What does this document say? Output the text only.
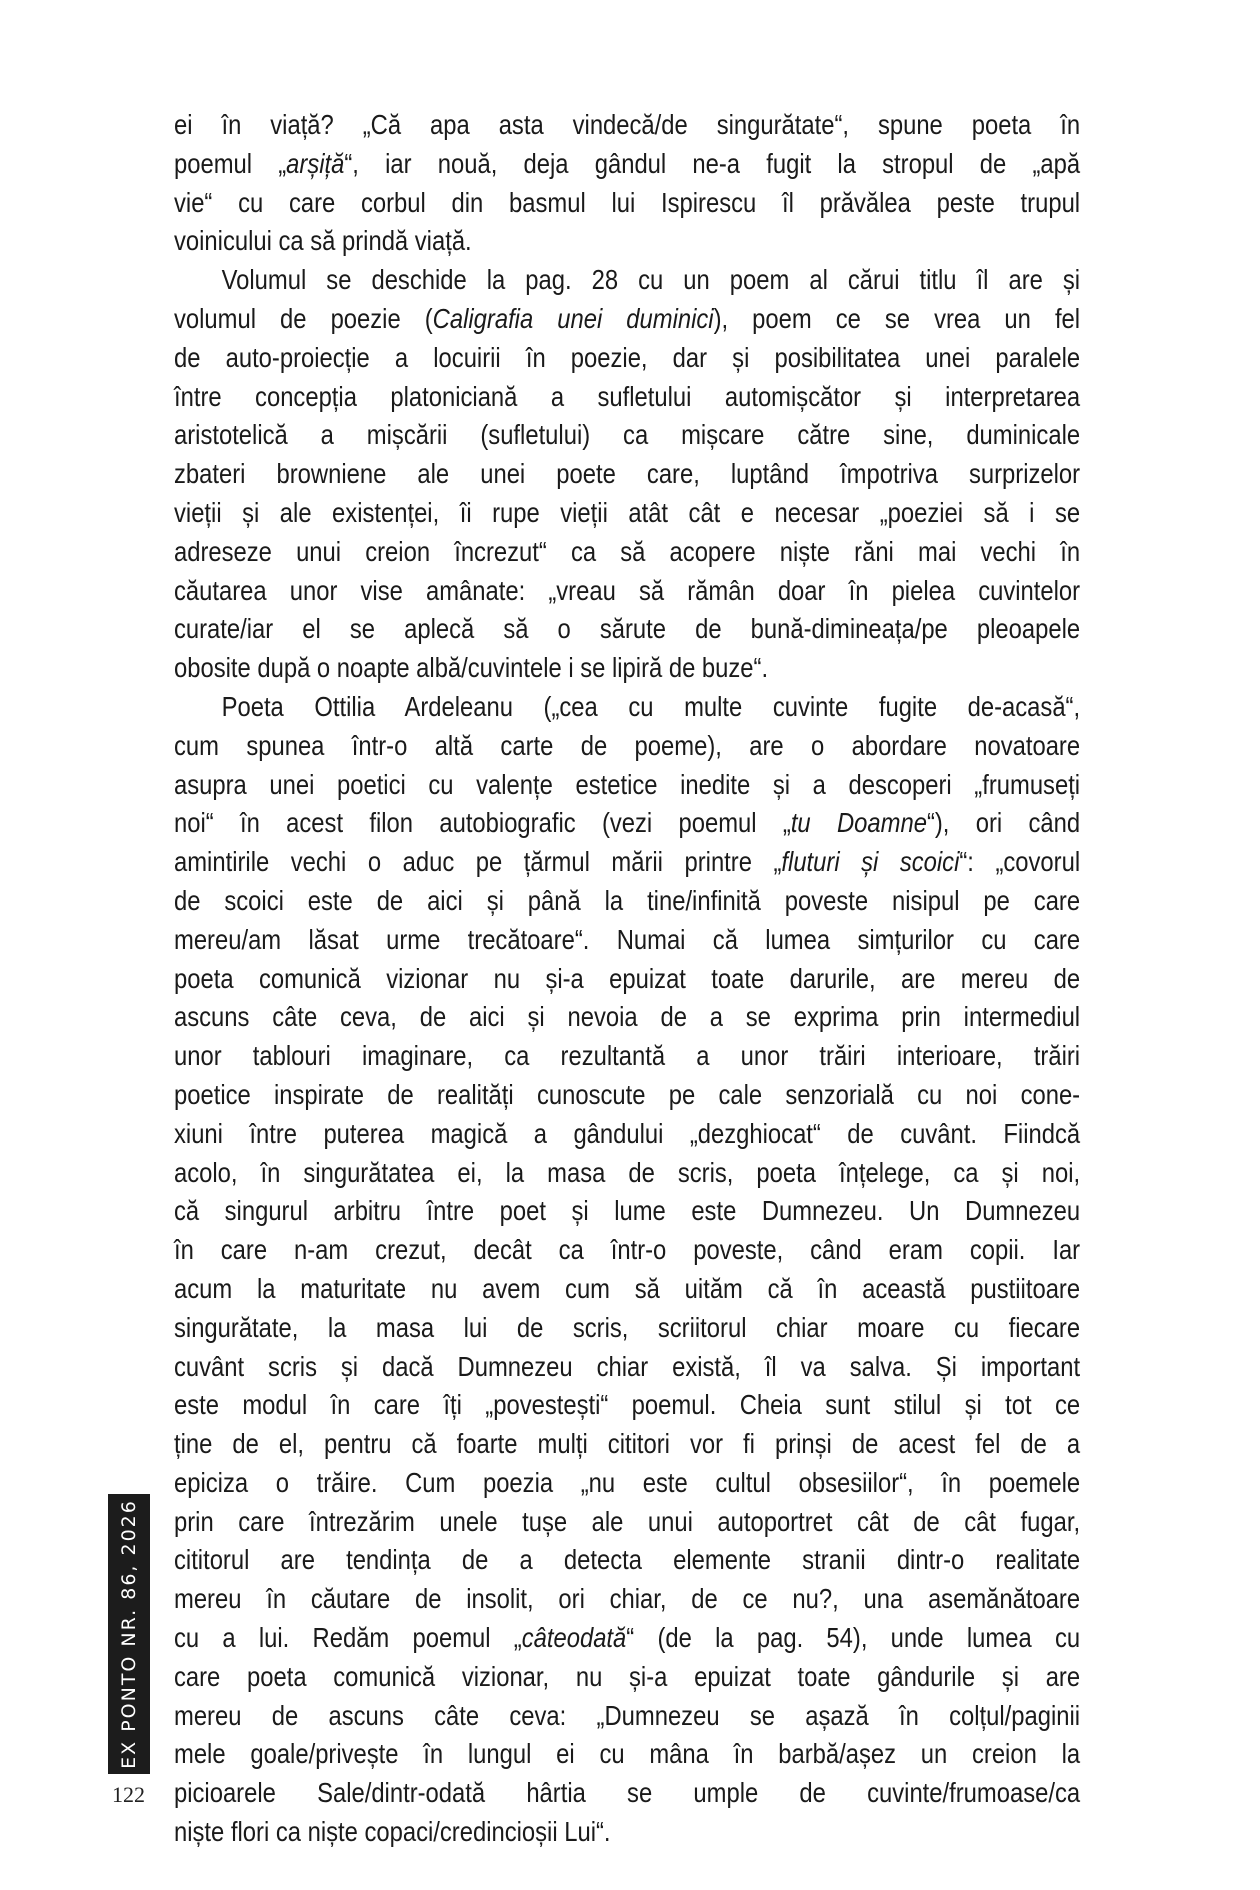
ei în viață? „Că apa asta vindecă/de singurătate“, spune poeta în
poemul „arșiță“, iar nouă, deja gândul ne-a fugit la stropul de „apă
vie“ cu care corbul din basmul lui Ispirescu îl prăvălea peste trupul
voinicului ca să prindă viață.
Volumul se deschide la pag. 28 cu un poem al cărui titlu îl are și
volumul de poezie (Caligrafia unei duminici), poem ce se vrea un fel
de auto-proiecție a locuirii în poezie, dar și posibilitatea unei paralele
între concepția platoniciană a sufletului automișcător și interpretarea
aristotelică a mișcării (sufletului) ca mișcare către sine, duminicale
zbateri browniene ale unei poete care, luptând împotriva surprizelor
vieții și ale existenței, îi rupe vieții atât cât e necesar „poeziei să i se
adreseze unui creion încrezut“ ca să acopere niște răni mai vechi în
căutarea unor vise amânate: „vreau să rămân doar în pielea cuvintelor
curate/iar el se aplecă să o sărute de bună-dimineața/pe pleoapele
obosite după o noapte albă/cuvintele i se lipiră de buze“.
Poeta Ottilia Ardeleanu („cea cu multe cuvinte fugite de-acasă“,
cum spunea într-o altă carte de poeme), are o abordare novatoare
asupra unei poetici cu valențe estetice inedite și a descoperi „frumuseți
noi“ în acest filon autobiografic (vezi poemul „tu Doamne“), ori când
amintirile vechi o aduc pe țărmul mării printre „fluturi și scoici“: „covorul
de scoici este de aici și până la tine/infinită poveste nisipul pe care
mereu/am lăsat urme trecătoare“. Numai că lumea simțurilor cu care
poeta comunică vizionar nu și-a epuizat toate darurile, are mereu de
ascuns câte ceva, de aici și nevoia de a se exprima prin intermediul
unor tablouri imaginare, ca rezultantă a unor trăiri interioare, trăiri
poetice inspirate de realități cunoscute pe cale senzorială cu noi cone-
xiuni între puterea magică a gândului „dezghiocat“ de cuvânt. Fiindcă
acolo, în singurătatea ei, la masa de scris, poeta înțelege, ca și noi,
că singurul arbitru între poet și lume este Dumnezeu. Un Dumnezeu
în care n-am crezut, decât ca într-o poveste, când eram copii. Iar
acum la maturitate nu avem cum să uităm că în această pustiitoare
singurătate, la masa lui de scris, scriitorul chiar moare cu fiecare
cuvânt scris și dacă Dumnezeu chiar există, îl va salva. Și important
este modul în care îți „povestești“ poemul. Cheia sunt stilul și tot ce
ține de el, pentru că foarte mulți cititori vor fi prinși de acest fel de a
epiciza o trăire. Cum poezia „nu este cultul obsesiilor“, în poemele
prin care întrezărim unele tușe ale unui autoportret cât de cât fugar,
cititorul are tendința de a detecta elemente stranii dintr-o realitate
mereu în căutare de insolit, ori chiar, de ce nu?, una asemănătoare
cu a lui. Redăm poemul „câteodată“ (de la pag. 54), unde lumea cu
care poeta comunică vizionar, nu și-a epuizat toate gândurile și are
mereu de ascuns câte ceva: „Dumnezeu se așază în colțul/paginii
mele goale/privește în lungul ei cu mâna în barbă/așez un creion la
picioarele Sale/dintr-odată hârtia se umple de cuvinte/frumoase/ca
niște flori ca niște copaci/credincioșii Lui“.
EX PONTO NR. 86, 2026
122
